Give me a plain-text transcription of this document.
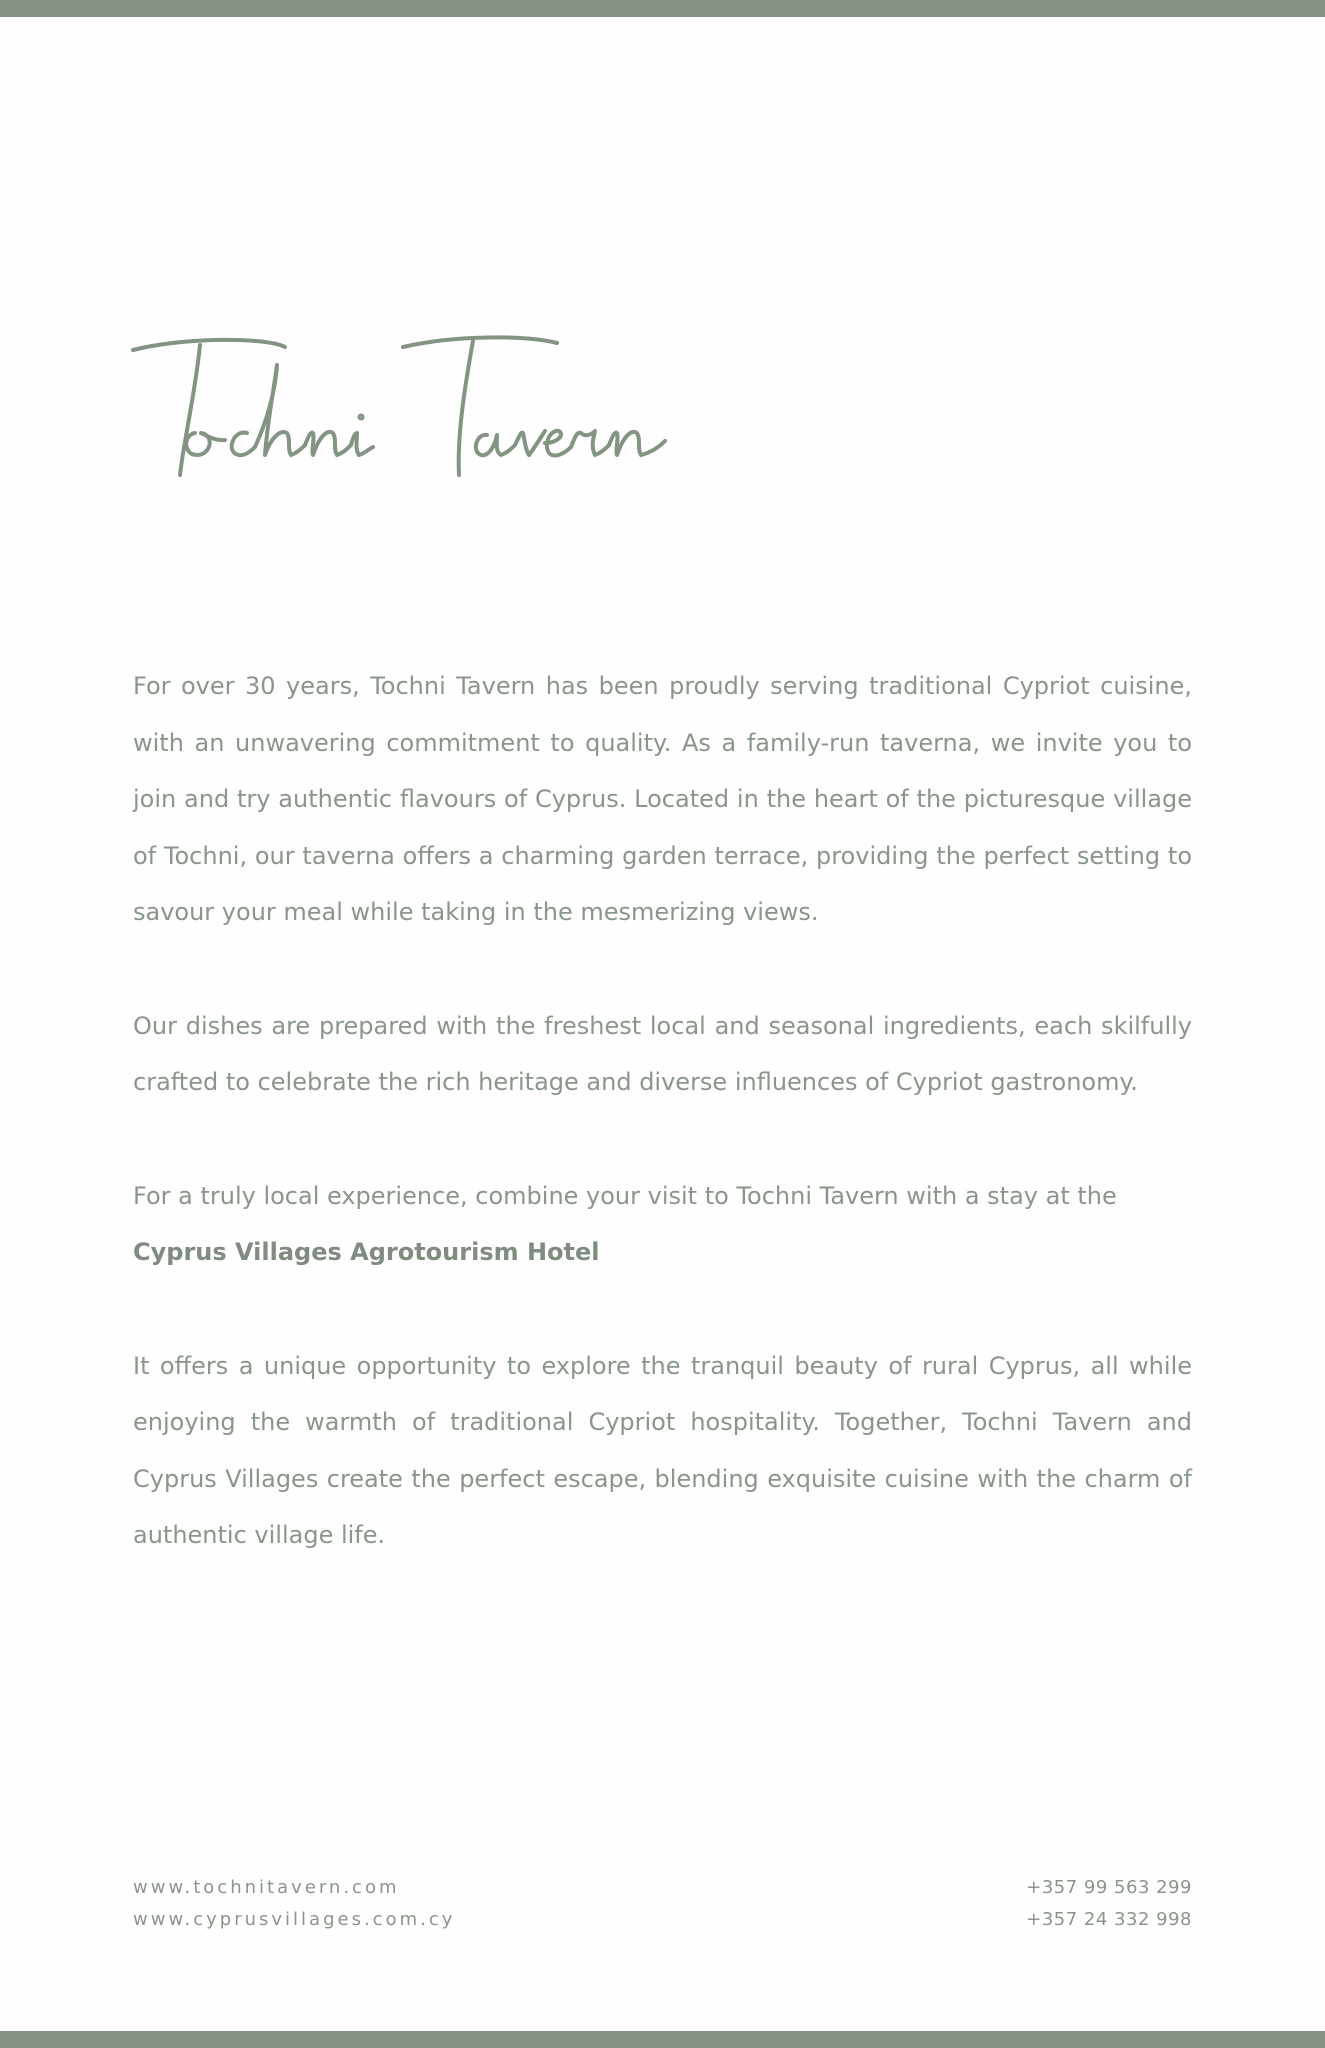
For over 30 years, Tochni Tavern has been proudly serving traditional Cypriot cuisine, with an unwavering commitment to quality. As a family-run taverna, we invite you to join and try authentic flavours of Cyprus. Located in the heart of the picturesque village of Tochni, our taverna offers a charming garden terrace, providing the perfect setting to savour your meal while taking in the mesmerizing views.

Our dishes are prepared with the freshest local and seasonal ingredients, each skilfully crafted to celebrate the rich heritage and diverse influences of Cypriot gastronomy.

For a truly local experience, combine your visit to Tochni Tavern with a stay at the
Cyprus Villages Agrotourism Hotel

It offers a unique opportunity to explore the tranquil beauty of rural Cyprus, all while enjoying the warmth of traditional Cypriot hospitality. Together, Tochni Tavern and Cyprus Villages create the perfect escape, blending exquisite cuisine with the charm of authentic village life.

www.tochnitavern.com
www.cyprusvillages.com.cy
+357 99 563 299
+357 24 332 998
